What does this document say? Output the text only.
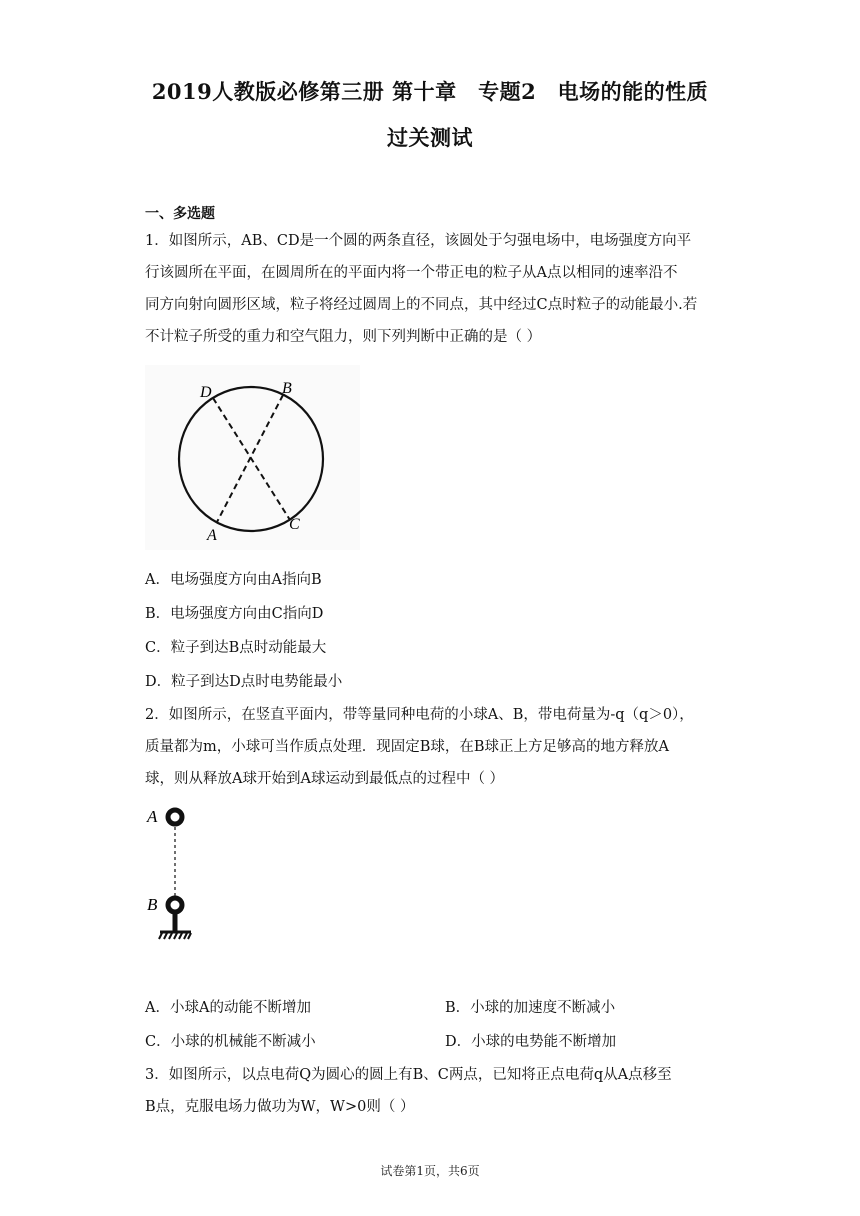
2019人教版必修第三册 第十章　专题2　电场的能的性质
过关测试
一、多选题
1．如图所示，AB、CD是一个圆的两条直径，该圆处于匀强电场中，电场强度方向平
行该圆所在平面，在圆周所在的平面内将一个带正电的粒子从A点以相同的速率沿不
同方向射向圆形区域，粒子将经过圆周上的不同点，其中经过C点时粒子的动能最小.若
不计粒子所受的重力和空气阻力，则下列判断中正确的是（ ）
D	B
A
C
A．电场强度方向由A指向B
B．电场强度方向由C指向D
C．粒子到达B点时动能最大
D．粒子到达D点时电势能最小
2．如图所示，在竖直平面内，带等量同种电荷的小球A、B，带电荷量为-q（q＞0），
质量都为m，小球可当作质点处理．现固定B球，在B球正上方足够高的地方释放A
球，则从释放A球开始到A球运动到最低点的过程中（ ）
A
B
A．小球A的动能不断增加	B．小球的加速度不断减小
C．小球的机械能不断减小	D．小球的电势能不断增加
3．如图所示，以点电荷Q为圆心的圆上有B、C两点，已知将正点电荷q从A点移至
B点，克服电场力做功为W，W>0则（ ）
试卷第1页，共6页
